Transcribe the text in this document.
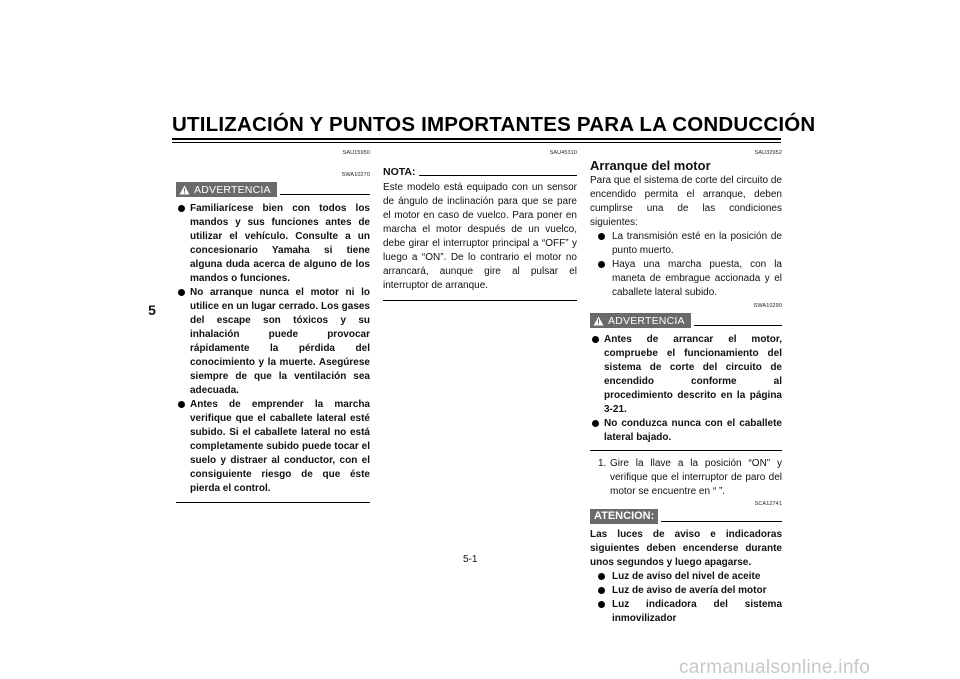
UTILIZACIÓN Y PUNTOS IMPORTANTES PARA LA CONDUCCIÓN
5
SAU15950
SWA10270
ADVERTENCIA
Familiarícese bien con todos los mandos y sus funciones antes de utilizar el vehículo. Consulte a un concesionario Yamaha si tiene alguna duda acerca de alguno de los mandos o funciones.
No arranque nunca el motor ni lo utilice en un lugar cerrado. Los gases del escape son tóxicos y su inhalación puede provocar rápidamente la pérdida del conocimiento y la muerte. Asegúrese siempre de que la ventilación sea adecuada.
Antes de emprender la marcha verifique que el caballete lateral esté subido. Si el caballete lateral no está completamente subido puede tocar el suelo y distraer al conductor, con el consiguiente riesgo de que éste pierda el control.
SAU45310
NOTA:

Este modelo está equipado con un sensor de ángulo de inclinación para que se pare el motor en caso de vuelco. Para poner en marcha el motor después de un vuelco, debe girar el interruptor principal a “OFF” y luego a “ON”. De lo contrario el motor no arrancará, aunque gire al pulsar el interruptor de arranque.

SAU32952
Arranque del motor

Para que el sistema de corte del circuito de encendido permita el arranque, deben cumplirse una de las condiciones siguientes:

La transmisión esté en la posición de punto muerto.
Haya una marcha puesta, con la maneta de embrague accionada y el caballete lateral subido.
SWA10290
ADVERTENCIA
Antes de arrancar el motor, compruebe el funcionamiento del sistema de corte del circuito de encendido conforme al procedimiento descrito en la página 3-21.
No conduzca nunca con el caballete lateral bajado.
1. Gire la llave a la posición “ON” y verifique que el interruptor de paro del motor se encuentre en “ ”.
SCA12741
ATENCION:

Las luces de aviso e indicadoras siguientes deben encenderse durante unos segundos y luego apagarse.

Luz de aviso del nivel de aceite
Luz de aviso de avería del motor
Luz indicadora del sistema inmovilizador
5-1
carmanualsonline.info
